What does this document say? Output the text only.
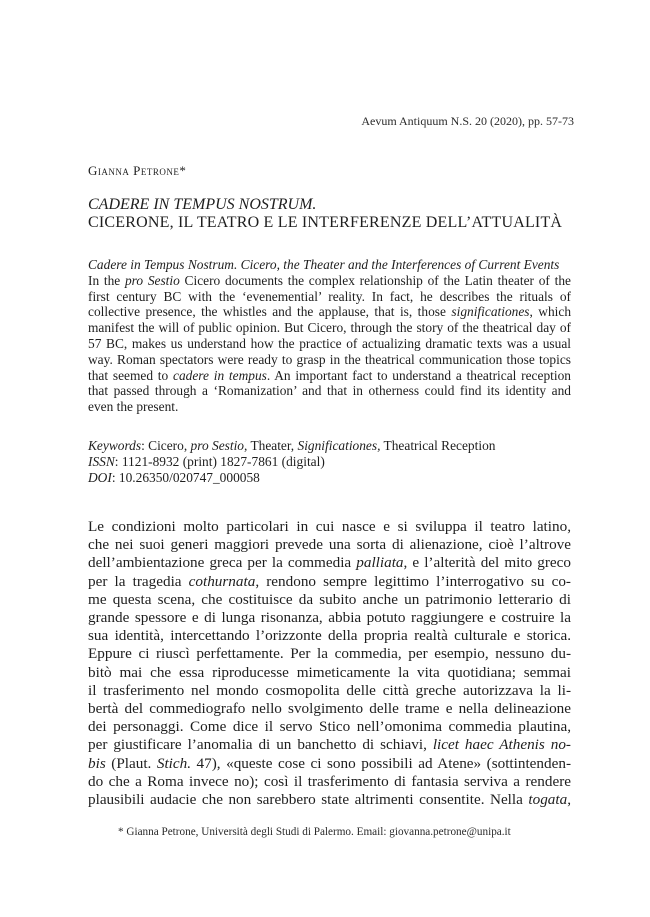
Aevum Antiquum N.S. 20 (2020), pp. 57-73
Gianna Petrone*
CADERE IN TEMPUS NOSTRUM.
CICERONE, IL TEATRO E LE INTERFERENZE DELL’ATTUALITÀ
Cadere in Tempus Nostrum. Cicero, the Theater and the Interferences of Current Events
In the pro Sestio Cicero documents the complex relationship of the Latin theater of the first century BC with the ‘evenemential’ reality. In fact, he describes the rituals of collective presence, the whistles and the applause, that is, those significationes, which manifest the will of public opinion. But Cicero, through the story of the theatrical day of 57 BC, makes us understand how the practice of actualizing dramatic texts was a usual way. Roman spectators were ready to grasp in the theatrical communication those topics that seemed to cadere in tempus. An important fact to understand a theatrical reception that passed through a ‘Romanization’ and that in otherness could find its identity and even the present.
Keywords: Cicero, pro Sestio, Theater, Significationes, Theatrical Reception
ISSN: 1121-8932 (print) 1827-7861 (digital)
DOI: 10.26350/020747_000058
Le condizioni molto particolari in cui nasce e si sviluppa il teatro latino,
che nei suoi generi maggiori prevede una sorta di alienazione, cioè l’altrove
dell’ambientazione greca per la commedia palliata, e l’alterità del mito greco
per la tragedia cothurnata, rendono sempre legittimo l’interrogativo su co-
me questa scena, che costituisce da subito anche un patrimonio letterario di
grande spessore e di lunga risonanza, abbia potuto raggiungere e costruire la
sua identità, intercettando l’orizzonte della propria realtà culturale e storica.
Eppure ci riuscì perfettamente. Per la commedia, per esempio, nessuno du-
bitò mai che essa riproducesse mimeticamente la vita quotidiana; semmai
il trasferimento nel mondo cosmopolita delle città greche autorizzava la li-
bertà del commediografo nello svolgimento delle trame e nella delineazione
dei personaggi. Come dice il servo Stico nell’omonima commedia plautina,
per giustificare l’anomalia di un banchetto di schiavi, licet haec Athenis no-
bis (Plaut. Stich. 47), «queste cose ci sono possibili ad Atene» (sottintenden-
do che a Roma invece no); così il trasferimento di fantasia serviva a rendere
plausibili audacie che non sarebbero state altrimenti consentite. Nella togata,
* Gianna Petrone, Università degli Studi di Palermo. Email: giovanna.petrone@unipa.it
